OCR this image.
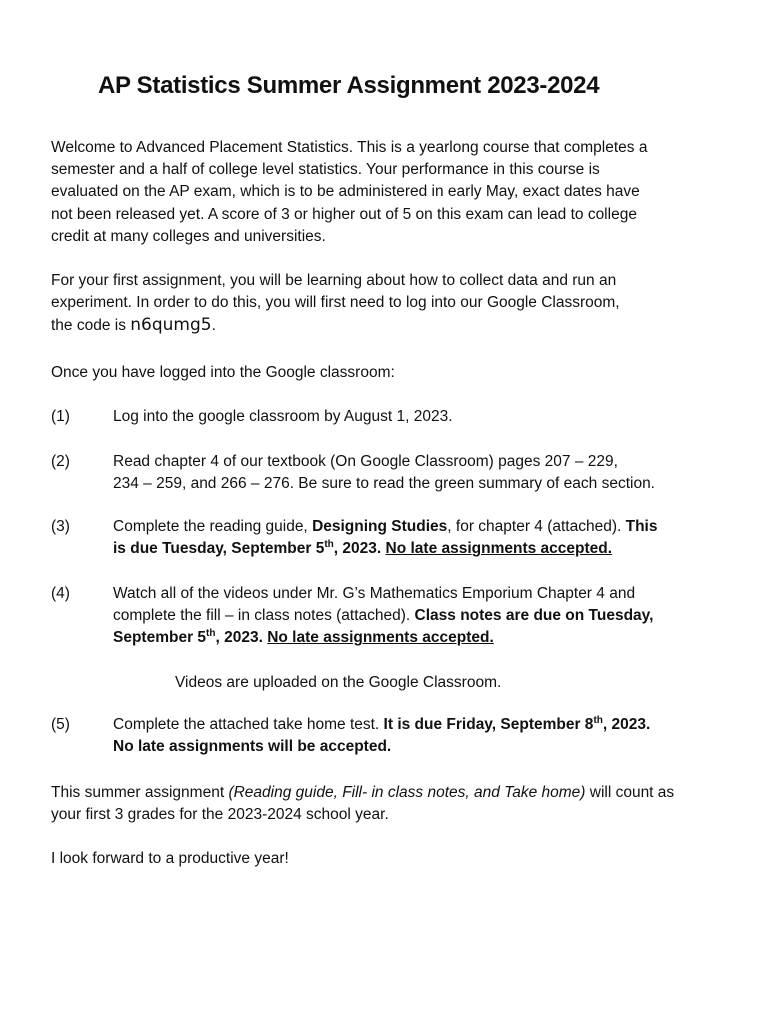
AP Statistics Summer Assignment 2023-2024
Welcome to Advanced Placement Statistics. This is a yearlong course that completes a
semester and a half of college level statistics. Your performance in this course is
evaluated on the AP exam, which is to be administered in early May, exact dates have
not been released yet. A score of 3 or higher out of 5 on this exam can lead to college
credit at many colleges and universities.
For your first assignment, you will be learning about how to collect data and run an
experiment. In order to do this, you will first need to log into our Google Classroom,
the code is n6qumg5.
Once you have logged into the Google classroom:
(1)	Log into the google classroom by August 1, 2023.
(2)	Read chapter 4 of our textbook (On Google Classroom) pages 207 – 229,
234 – 259, and 266 – 276. Be sure to read the green summary of each section.
(3)	Complete the reading guide, Designing Studies, for chapter 4 (attached). This
is due Tuesday, September 5th, 2023. No late assignments accepted.
(4)	Watch all of the videos under Mr. G’s Mathematics Emporium Chapter 4 and
complete the fill – in class notes (attached). Class notes are due on Tuesday,
September 5th, 2023. No late assignments accepted.
Videos are uploaded on the Google Classroom.
(5)	Complete the attached take home test. It is due Friday, September 8th, 2023.
No late assignments will be accepted.
This summer assignment (Reading guide, Fill- in class notes, and Take home) will count as
your first 3 grades for the 2023-2024 school year.
I look forward to a productive year!
